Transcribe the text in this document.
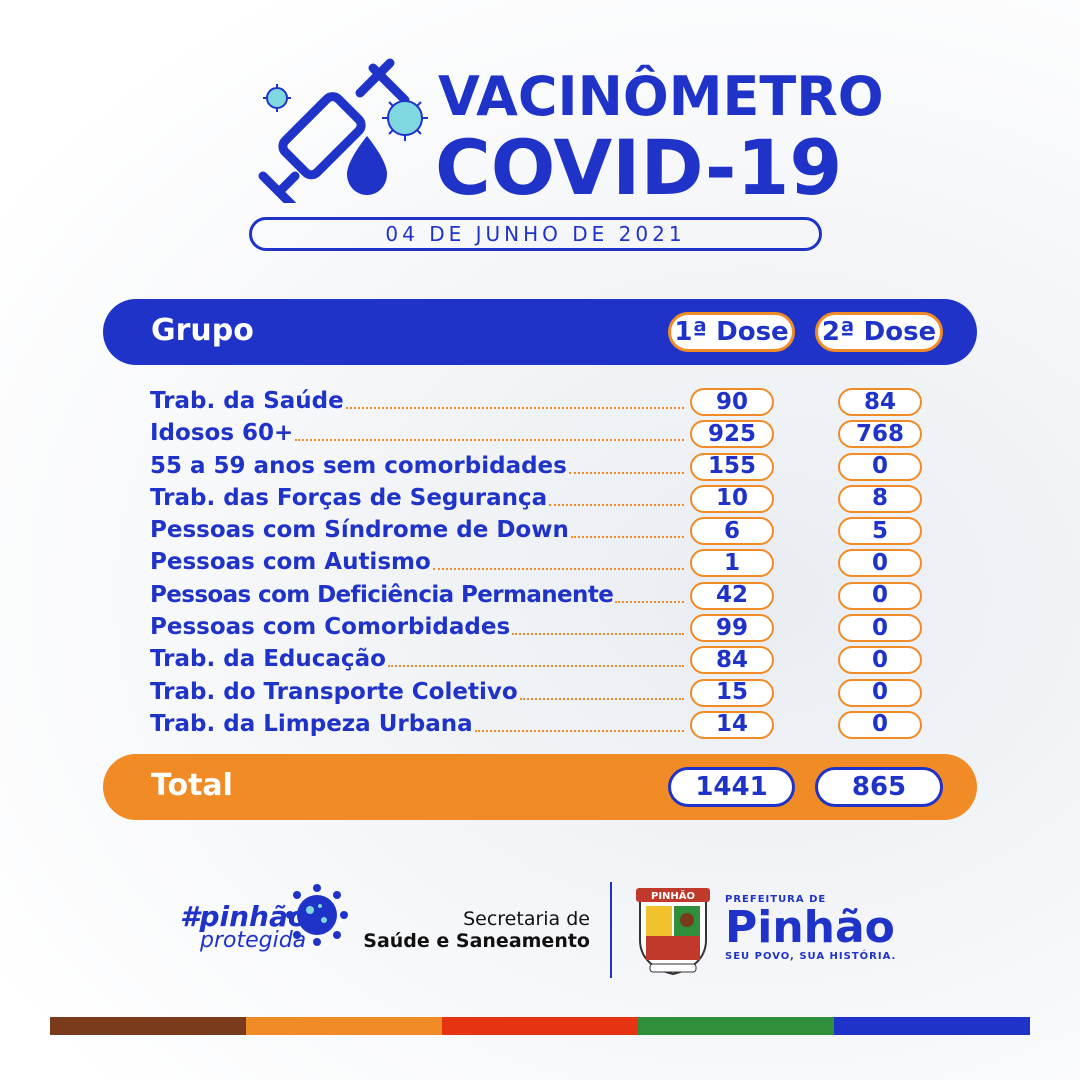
VACINÔMETRO
COVID-19
04 DE JUNHO DE 2021
Grupo	1ª Dose 2ª Dose
Trab. da Saúde	90	84
Idosos 60+	925	768
55 a 59 anos sem comorbidades	155	0
Trab. das Forças de Segurança	10	8
Pessoas com Síndrome de Down	6	5
Pessoas com Autismo	1	0
Pessoas com Deficiência Permanente	42	0
Pessoas com Comorbidades	99	0
Trab. da Educação	84	0
Trab. do Transporte Coletivo	15	0
Trab. da Limpeza Urbana	14	0
Total	1441	865
#pinhão
protegida
Secretaria de
Saúde e Saneamento
PINHÃO	PREFEITURA DE
Pinhão
SEU POVO, SUA HISTÓRIA.
